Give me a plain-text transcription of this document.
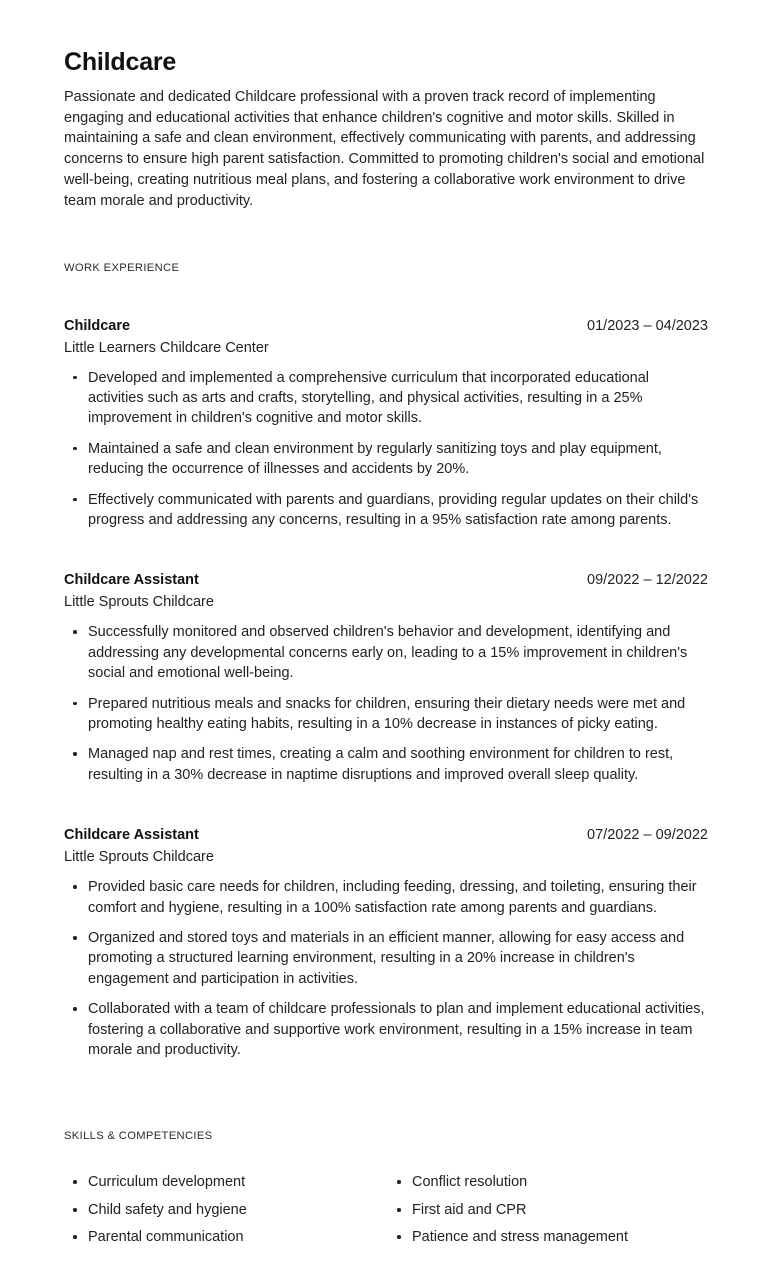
Childcare

Passionate and dedicated Childcare professional with a proven track record of implementing engaging and educational activities that enhance children's cognitive and motor skills. Skilled in maintaining a safe and clean environment, effectively communicating with parents, and addressing concerns to ensure high parent satisfaction. Committed to promoting children's social and emotional well-being, creating nutritious meal plans, and fostering a collaborative work environment to drive team morale and productivity.

WORK EXPERIENCE
Childcare	01/2023 – 04/2023
Little Learners Childcare Center
Developed and implemented a comprehensive curriculum that incorporated educational activities such as arts and crafts, storytelling, and physical activities, resulting in a 25% improvement in children's cognitive and motor skills.
Maintained a safe and clean environment by regularly sanitizing toys and play equipment, reducing the occurrence of illnesses and accidents by 20%.
Effectively communicated with parents and guardians, providing regular updates on their child's progress and addressing any concerns, resulting in a 95% satisfaction rate among parents.
Childcare Assistant	09/2022 – 12/2022
Little Sprouts Childcare
Successfully monitored and observed children's behavior and development, identifying and addressing any developmental concerns early on, leading to a 15% improvement in children's social and emotional well-being.
Prepared nutritious meals and snacks for children, ensuring their dietary needs were met and promoting healthy eating habits, resulting in a 10% decrease in instances of picky eating.
Managed nap and rest times, creating a calm and soothing environment for children to rest, resulting in a 30% decrease in naptime disruptions and improved overall sleep quality.
Childcare Assistant	07/2022 – 09/2022
Little Sprouts Childcare
Provided basic care needs for children, including feeding, dressing, and toileting, ensuring their comfort and hygiene, resulting in a 100% satisfaction rate among parents and guardians.
Organized and stored toys and materials in an efficient manner, allowing for easy access and promoting a structured learning environment, resulting in a 20% increase in children's engagement and participation in activities.
Collaborated with a team of childcare professionals to plan and implement educational activities, fostering a collaborative and supportive work environment, resulting in a 15% increase in team morale and productivity.
SKILLS & COMPETENCIES
Curriculum development
Child safety and hygiene
Parental communication
Conflict resolution
First aid and CPR
Patience and stress management
